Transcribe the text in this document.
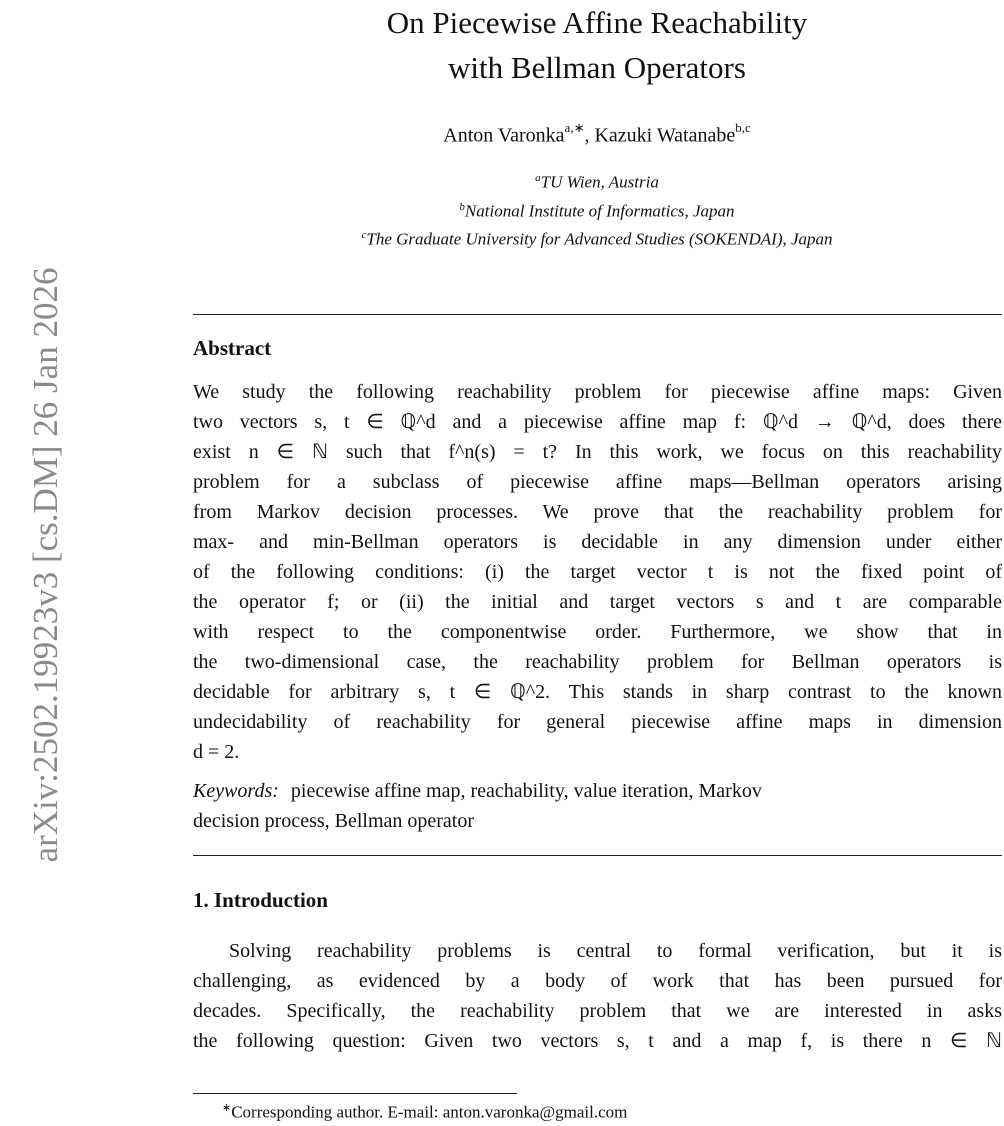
arXiv:2502.19923v3 [cs.DM] 26 Jan 2026
On Piecewise Affine Reachability
with Bellman Operators
Anton Varonka$^{a,∗}$, Kazuki Watanabe$^{b,c}$
$^a$TU Wien, Austria
$^b$National Institute of Informatics, Japan
$^c$The Graduate University for Advanced Studies (SOKENDAI), Japan
Abstract
We study the following reachability problem for piecewise affine maps: Given
two vectors s, t ∈ ℚ^d and a piecewise affine map f: ℚ^d → ℚ^d, does there
exist n ∈ ℕ such that f^n(s) = t? In this work, we focus on this reachability
problem for a subclass of piecewise affine maps—Bellman operators arising
from Markov decision processes. We prove that the reachability problem for
max- and min-Bellman operators is decidable in any dimension under either
of the following conditions: (i) the target vector t is not the fixed point of
the operator f; or (ii) the initial and target vectors s and t are comparable
with respect to the componentwise order. Furthermore, we show that in
the two-dimensional case, the reachability problem for Bellman operators is
decidable for arbitrary s, t ∈ ℚ^2. This stands in sharp contrast to the known
undecidability of reachability for general piecewise affine maps in dimension
d = 2.
Keywords: piecewise affine map, reachability, value iteration, Markov
decision process, Bellman operator
1. Introduction
Solving reachability problems is central to formal verification, but it is
challenging, as evidenced by a body of work that has been pursued for
decades. Specifically, the reachability problem that we are interested in asks
the following question: Given two vectors s, t and a map f, is there n ∈ ℕ
∗Corresponding author. E-mail: anton.varonka@gmail.com
